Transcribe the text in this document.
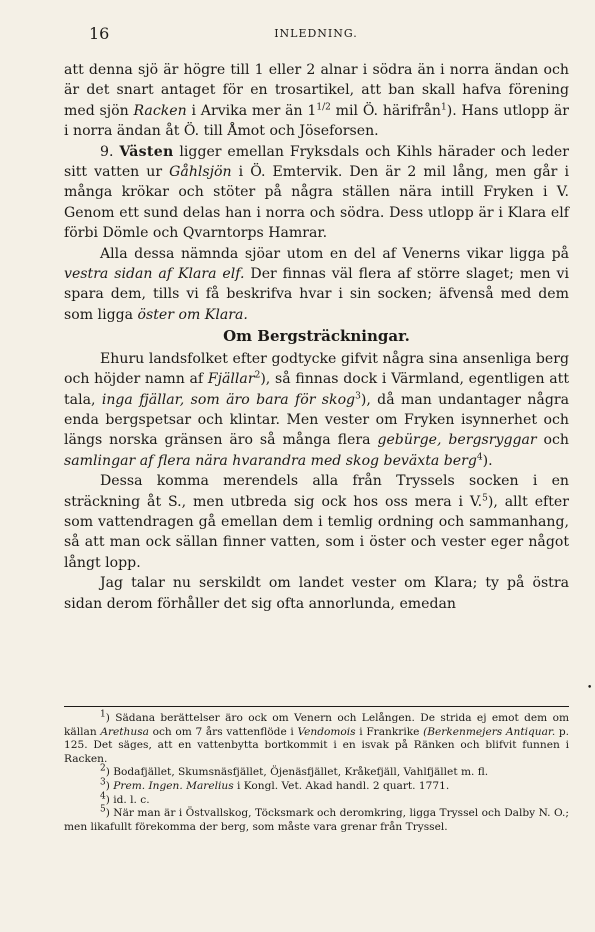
16	INLEDNING.

att denna sjö är högre till 1 eller 2 alnar i södra än i norra ändan och är det snart antaget för en trosartikel, att ban skall hafva förening med sjön Racken i Arvika mer än $1^{1/2}$ mil Ö. härifrån$^1$). Hans utlopp är i norra ändan åt Ö. till Åmot och Jöseforsen.

9. Västen ligger emellan Fryksdals och Kihls härader och leder sitt vatten ur Gåhlsjön i Ö. Emtervik. Den är 2 mil lång, men går i många krökar och stöter på några ställen nära intill Fryken i V. Genom ett sund delas han i norra och södra. Dess utlopp är i Klara elf förbi Dömle och Qvarntorps Hamrar.

Alla dessa nämnda sjöar utom en del af Venerns vikar ligga på vestra sidan af Klara elf. Der finnas väl flera af större slaget; men vi spara dem, tills vi få beskrifva hvar i sin socken; äfvenså med dem som ligga öster om Klara.

Om Bergsträckningar.

Ehuru landsfolket efter godtycke gifvit några sina ansenliga berg och höjder namn af Fjällar$^2$), så finnas dock i Värmland, egentligen att tala, inga fjällar, som äro bara för skog$^3$), då man undantager några enda bergspetsar och klintar. Men vester om Fryken isynnerhet och längs norska gränsen äro så många flera gebürge, bergsryggar och samlingar af flera nära hvarandra med skog beväxta berg$^4$).

Dessa komma merendels alla från Tryssels socken i en sträckning åt S., men utbreda sig ock hos oss mera i V.$^5$), allt efter som vattendragen gå emellan dem i temlig ordning och sammanhang, så att man ock sällan finner vatten, som i öster och vester eger något långt lopp.

Jag talar nu serskildt om landet vester om Klara; ty på östra sidan derom förhåller det sig ofta annorlunda, emedan

•

$^1$) Sädana berättelser äro ock om Venern och Lelången. De strida ej emot dem om källan Arethusa och om 7 års vattenflöde i Vendomois i Frankrike (Berkenmejers Antiquar. p. 125. Det säges, att en vattenbytta bortkommit i en isvak på Ränken och blifvit funnen i Racken.

$^2$) Bodafjället, Skumsnäsfjället, Öjenäsfjället, Kråkefjäll, Vahlfjället m. fl.

$^3$) Prem. Ingen. Marelius i Kongl. Vet. Akad handl. 2 quart. 1771.

$^4$) id. l. c.

$^5$) När man är i Östvallskog, Töcksmark och deromkring, ligga Tryssel och Dalby N. O.; men likafullt förekomma der berg, som måste vara grenar från Tryssel.
